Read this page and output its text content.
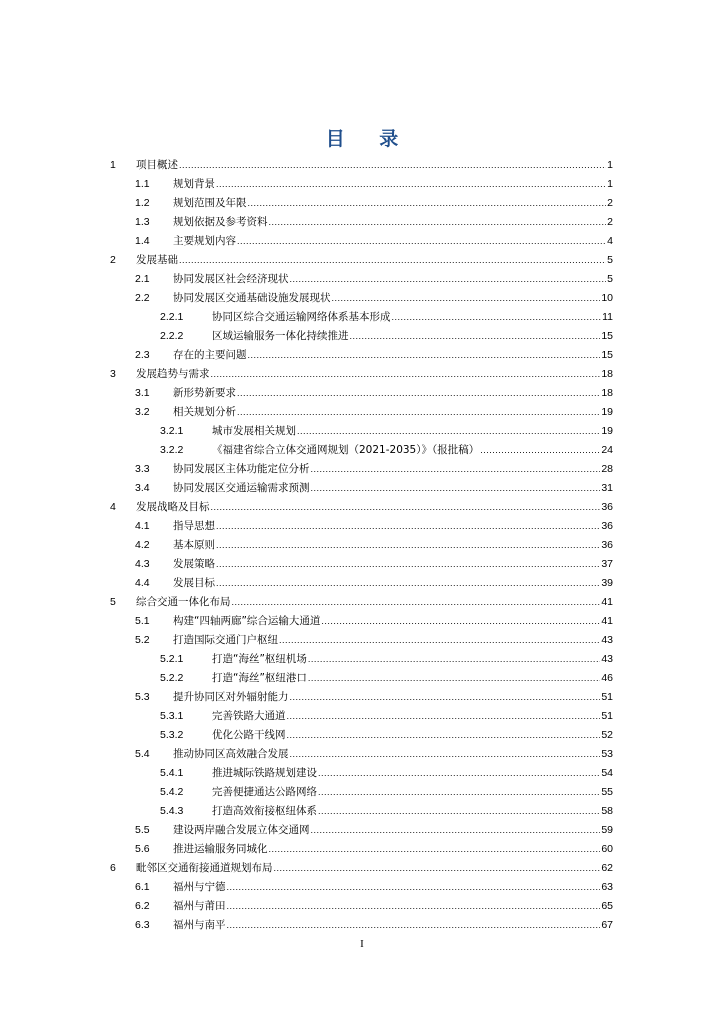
目 录
1	项目概述 .....	1
1.1	规划背景 .....	1
1.2	规划范围及年限 .....	2
1.3	规划依据及参考资料 .....	2
1.4	主要规划内容 .....	4
2	发展基础 .....	5
2.1	协同发展区社会经济现状 .....	5
2.2	协同发展区交通基础设施发展现状 .....	10
2.2.1	协同区综合交通运输网络体系基本形成 .....	11
2.2.2	区域运输服务一体化持续推进 .....	15
2.3	存在的主要问题 .....	15
3	发展趋势与需求 .....	18
3.1	新形势新要求 .....	18
3.2	相关规划分析 .....	19
3.2.1	城市发展相关规划 .....	19
3.2.2	《福建省综合立体交通网规划（2021-2035）》（报批稿） .....	24
3.3	协同发展区主体功能定位分析 .....	28
3.4	协同发展区交通运输需求预测 .....	31
4	发展战略及目标 .....	36
4.1	指导思想 .....	36
4.2	基本原则 .....	36
4.3	发展策略 .....	37
4.4	发展目标 .....	39
5	综合交通一体化布局 .....	41
5.1	构建“四轴两廊”综合运输大通道 .....	41
5.2	打造国际交通门户枢纽 .....	43
5.2.1	打造“海丝”枢纽机场 .....	43
5.2.2	打造“海丝”枢纽港口 .....	46
5.3	提升协同区对外辐射能力 .....	51
5.3.1	完善铁路大通道 .....	51
5.3.2	优化公路干线网 .....	52
5.4	推动协同区高效融合发展 .....	53
5.4.1	推进城际铁路规划建设 .....	54
5.4.2	完善便捷通达公路网络 .....	55
5.4.3	打造高效衔接枢纽体系 .....	58
5.5	建设两岸融合发展立体交通网 .....	59
5.6	推进运输服务同城化 .....	60
6	毗邻区交通衔接通道规划布局 .....	62
6.1	福州与宁德 .....	63
6.2	福州与莆田 .....	65
6.3	福州与南平 .....	67
I
